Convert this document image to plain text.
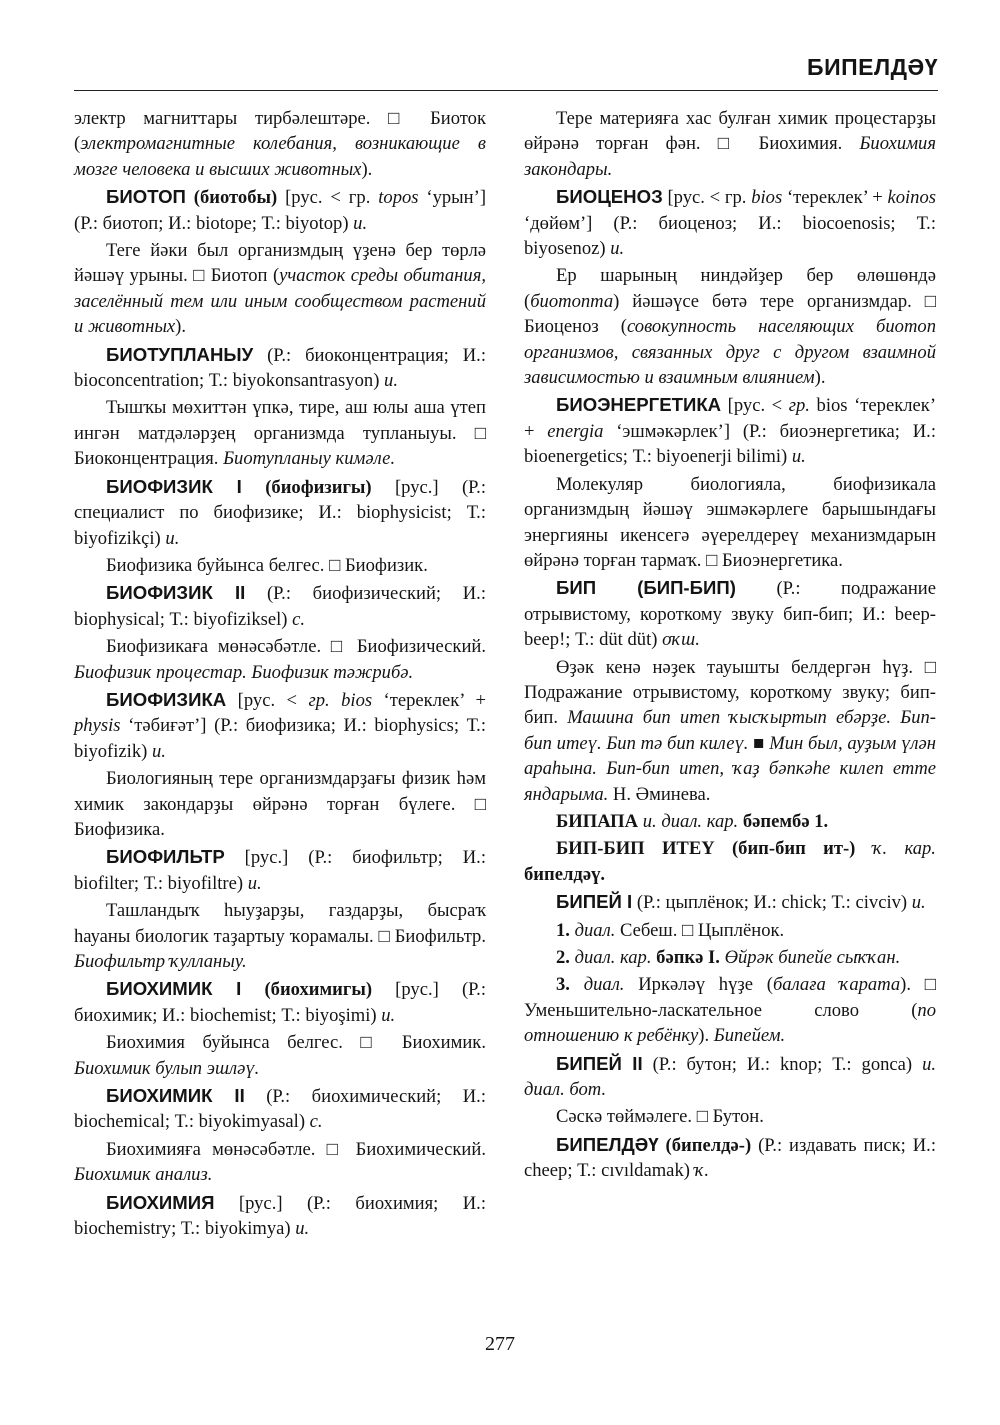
БИПЕЛДӘҮ

электр магниттары тирбәлештәре. □ Биоток (электромагнитные колебания, возникающие в мозге человека и высших животных).

БИОТОП (биотобы) [рус. < гр. topos ‘урын’] (Р.: биотоп; И.: biotope; Т.: biyotop) и.

Теге йәки был организмдың үҙенә бер төрлә йәшәү урыны. □ Биотоп (участок среды обитания, заселённый тем или иным сообществом растений и животных).

БИОТУПЛАНЫУ (Р.: биоконцентрация; И.: bioconcentration; Т.: biyokonsantrasyon) и.

Тышҡы мөхиттән үпкә, тире, аш юлы аша үтеп ингән матдәләрҙең организмда тупланыуы. □ Биоконцентрация. Биотупланыу кимәле.

БИОФИЗИК I (биофизигы) [рус.] (Р.: специалист по биофизике; И.: biophysicist; Т.: biyofizikçi) и.

Биофизика буйынса белгес. □ Биофизик.

БИОФИЗИК II (Р.: биофизический; И.: biophysical; Т.: biyofiziksel) с.

Биофизикаға мөнәсәбәтле. □ Биофизический. Биофизик процестар. Биофизик тәжрибә.

БИОФИЗИКА [рус. < гр. bios ‘тереклек’ + physis ‘тәбиғәт’] (Р.: биофизика; И.: biophysics; Т.: biyofizik) и.

Биологияның тере организмдарҙағы физик һәм химик закондарҙы өйрәнә торған бүлеге. □ Биофизика.

БИОФИЛЬТР [рус.] (Р.: биофильтр; И.: biofilter; Т.: biyofiltre) и.

Ташландыҡ һыуҙарҙы, газдарҙы, бысраҡ һауаны биологик таҙартыу ҡорамалы. □ Биофильтр. Биофильтр ҡулланыу.

БИОХИМИК I (биохимигы) [рус.] (Р.: биохимик; И.: biochemist; Т.: biyoşimi) и.

Биохимия буйынса белгес. □ Биохимик. Биохимик булып эшләү.

БИОХИМИК II (Р.: биохимический; И.: biochemical; Т.: biyokimyasal) с.

Биохимияға мөнәсәбәтле. □ Биохимический. Биохимик анализ.

БИОХИМИЯ [рус.] (Р.: биохимия; И.: biochemistry; Т.: biyokimya) и.

Тере материяға хас булған химик процестарҙы өйрәнә торған фән. □ Биохимия. Биохимия закондары.

БИОЦЕНОЗ [рус. < гр. bios ‘тереклек’ + koinos ‘дөйөм’] (Р.: биоценоз; И.: biocoenosis; Т.: biyosenoz) и.

Ер шарының ниндәйҙер бер өлөшөндә (биотопта) йәшәүсе бөтә тере организмдар. □ Биоценоз (совокупность населяющих биотоп организмов, связанных друг с другом взаимной зависимостью и взаимным влиянием).

БИОЭНЕРГЕТИКА [рус. < гр. bios ‘тереклек’ + energia ‘эшмәкәрлек’] (Р.: биоэнергетика; И.: bioenergetics; Т.: biyoenerji bilimi) и.

Молекуляр биологияла, биофизикала организмдың йәшәү эшмәкәрлеге барышындағы энергияны икенсегә әүерелдереү механизмдарын өйрәнә торған тармаҡ. □ Биоэнергетика.

БИП (БИП-БИП) (Р.: подражание отрывистому, короткому звуку бип-бип; И.: beep-beep!; Т.: düt düt) оҡш.

Өҙәк кенә нәҙек тауышты белдергән һүҙ. □ Подражание отрывистому, короткому звуку; бип-бип. Машина бип итеп ҡысҡыртып ебәрҙе. Бип-бип итеү. Бип тә бип килеү. ■ Мин был, ауҙым үлән араһына. Бип-бип итеп, ҡаҙ бәпкәһе килеп етте яндарыма. Н. Әминева.

БИПАПА и. диал. кар. бәпембә 1.

БИП-БИП ИТЕҮ (бип-бип ит-) ҡ. кар. бипелдәү.

БИПЕЙ I (Р.: цыплёнок; И.: chick; Т.: civciv) и.

1. диал. Себеш. □ Цыплёнок.

2. диал. кар. бәпкә I. Өйрәк бипейе сыҡҡан.

3. диал. Иркәләү һүҙе (балаға ҡарата). □ Уменьшительно-ласкательное слово (по отношению к ребёнку). Бипейем.

БИПЕЙ II (Р.: бутон; И.: knop; Т.: gonca) и. диал. бот.

Сәскә төймәлеге. □ Бутон.

БИПЕЛДӘҮ (бипелдә-) (Р.: издавать писк; И.: cheep; Т.: cıvıldamak) ҡ.

277
